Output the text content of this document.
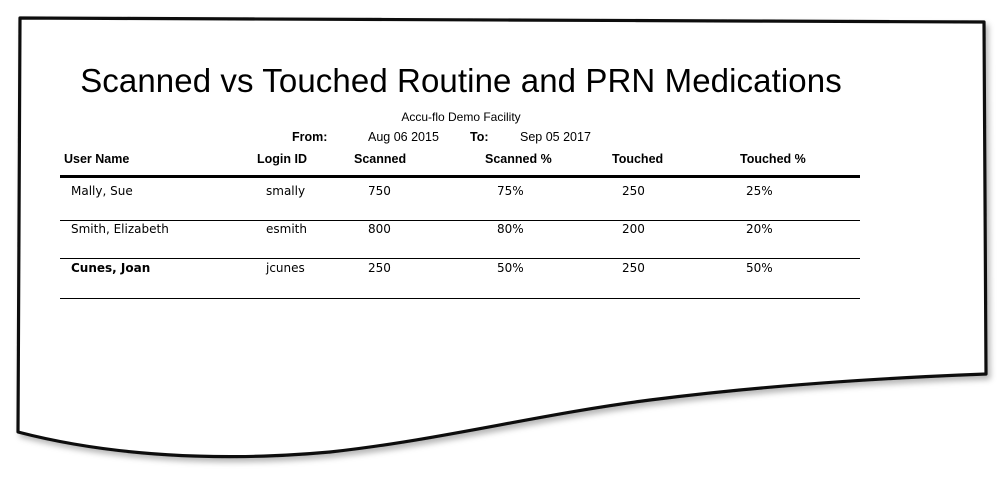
Scanned vs Touched Routine and PRN Medications
Accu-flo Demo Facility
From:	Aug 06 2015 To:	Sep 05 2017
User Name	Login ID	Scanned	Scanned %	Touched	Touched %
Mally, Sue	smally	750	75%	250	25%
Smith, Elizabeth	esmith	800	80%	200	20%
Cunes, Joan	jcunes	250	50%	250	50%
